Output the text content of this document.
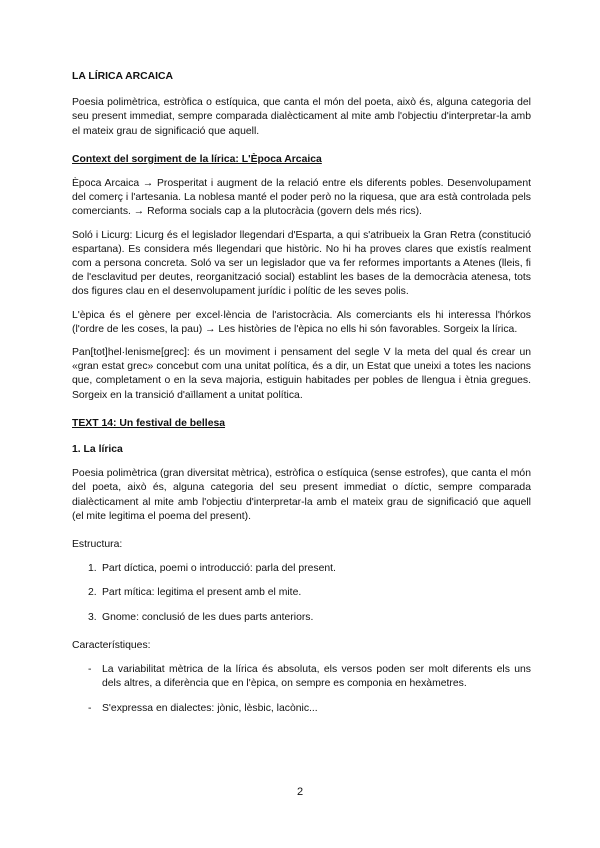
LA LÍRICA ARCAICA

Poesia polimètrica, estròfica o estíquica, que canta el món del poeta, això és, alguna categoria del seu present immediat, sempre comparada dialècticament al mite amb l'objectiu d'interpretar-la amb el mateix grau de significació que aquell.

Context del sorgiment de la lírica: L'Època Arcaica

Època Arcaica → Prosperitat i augment de la relació entre els diferents pobles. Desenvolupament del comerç i l'artesania. La noblesa manté el poder però no la riquesa, que ara està controlada pels comerciants. → Reforma socials cap a la plutocràcia (govern dels més rics).

Soló i Licurg: Licurg és el legislador llegendari d'Esparta, a qui s'atribueix la Gran Retra (constitució espartana). Es considera més llegendari que històric. No hi ha proves clares que existís realment com a persona concreta. Soló va ser un legislador que va fer reformes importants a Atenes (lleis, fi de l'esclavitud per deutes, reorganització social) establint les bases de la democràcia atenesa, tots dos figures clau en el desenvolupament jurídic i polític de les seves polis.

L'èpica és el gènere per excel·lència de l'aristocràcia. Als comerciants els hi interessa l'hórkos (l'ordre de les coses, la pau) → Les històries de l'èpica no ells hi són favorables. Sorgeix la lírica.

Pan[tot]hel·lenisme[grec]: és un moviment i pensament del segle V la meta del qual és crear un «gran estat grec» concebut com una unitat política, és a dir, un Estat que uneixi a totes les nacions que, completament o en la seva majoria, estiguin habitades per pobles de llengua i ètnia gregues. Sorgeix en la transició d'aïllament a unitat política.

TEXT 14: Un festival de bellesa
1. La lírica

Poesia polimètrica (gran diversitat mètrica), estròfica o estíquica (sense estrofes), que canta el món del poeta, això és, alguna categoria del seu present immediat o díctic, sempre comparada dialècticament al mite amb l'objectiu d'interpretar-la amb el mateix grau de significació que aquell (el mite legitima el poema del present).

Estructura:
1. Part díctica, poemi o introducció: parla del present.
2. Part mítica: legitima el present amb el mite.
3. Gnome: conclusió de les dues parts anteriors.
Característiques:
- La variabilitat mètrica de la lírica és absoluta, els versos poden ser molt diferents els uns dels altres, a diferència que en l'èpica, on sempre es componia en hexàmetres.
- S'expressa en dialectes: jònic, lèsbic, lacònic...
2
